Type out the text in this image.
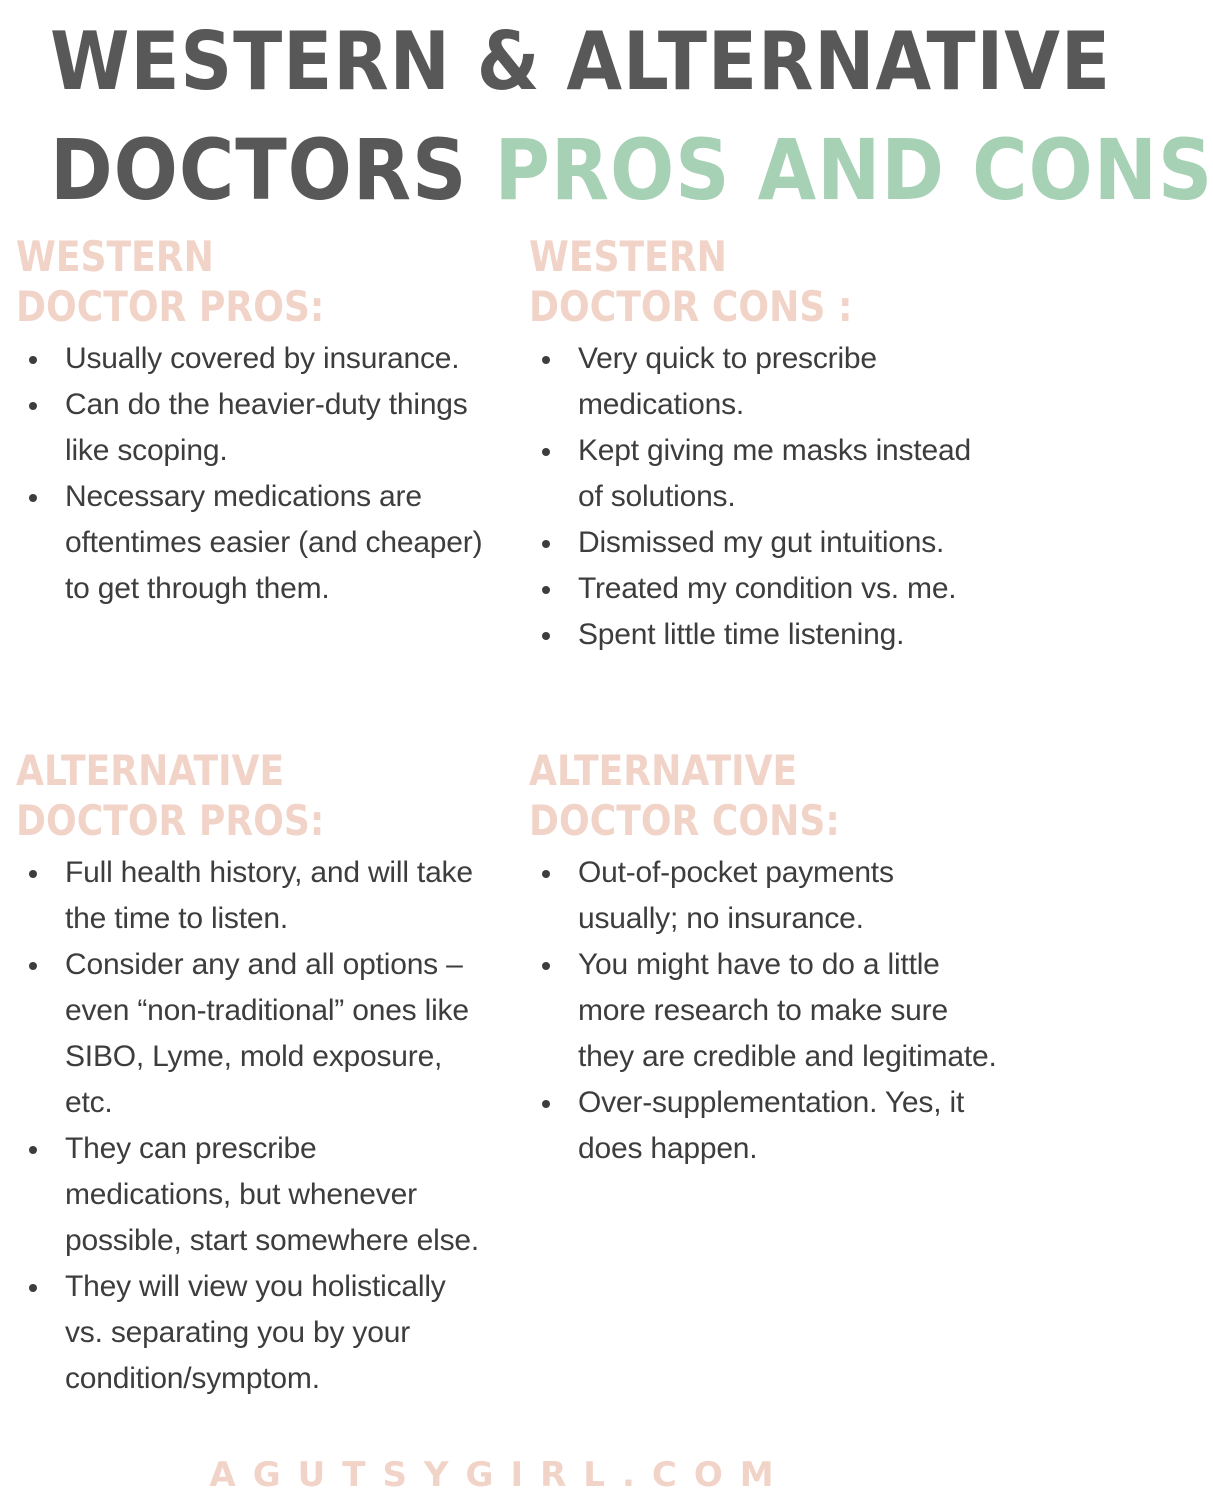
WESTERN & ALTERNATIVE
DOCTORS PROS AND CONS
WESTERN
DOCTOR PROS:
Usually covered by insurance.
Can do the heavier-duty things like scoping.
Necessary medications are oftentimes easier (and cheaper) to get through them.
WESTERN
DOCTOR CONS :
Very quick to prescribe medications.
Kept giving me masks instead of solutions.
Dismissed my gut intuitions.
Treated my condition vs. me.
Spent little time listening.
ALTERNATIVE
DOCTOR PROS:
Full health history, and will take the time to listen.
Consider any and all options – even “non-traditional” ones like SIBO, Lyme, mold exposure, etc.
They can prescribe medications, but whenever possible, start somewhere else.
They will view you holistically vs. separating you by your condition/symptom.
ALTERNATIVE
DOCTOR CONS:
Out-of-pocket payments usually; no insurance.
You might have to do a little more research to make sure they are credible and legitimate.
Over-supplementation. Yes, it does happen.
AGUTSYGIRL.COM
